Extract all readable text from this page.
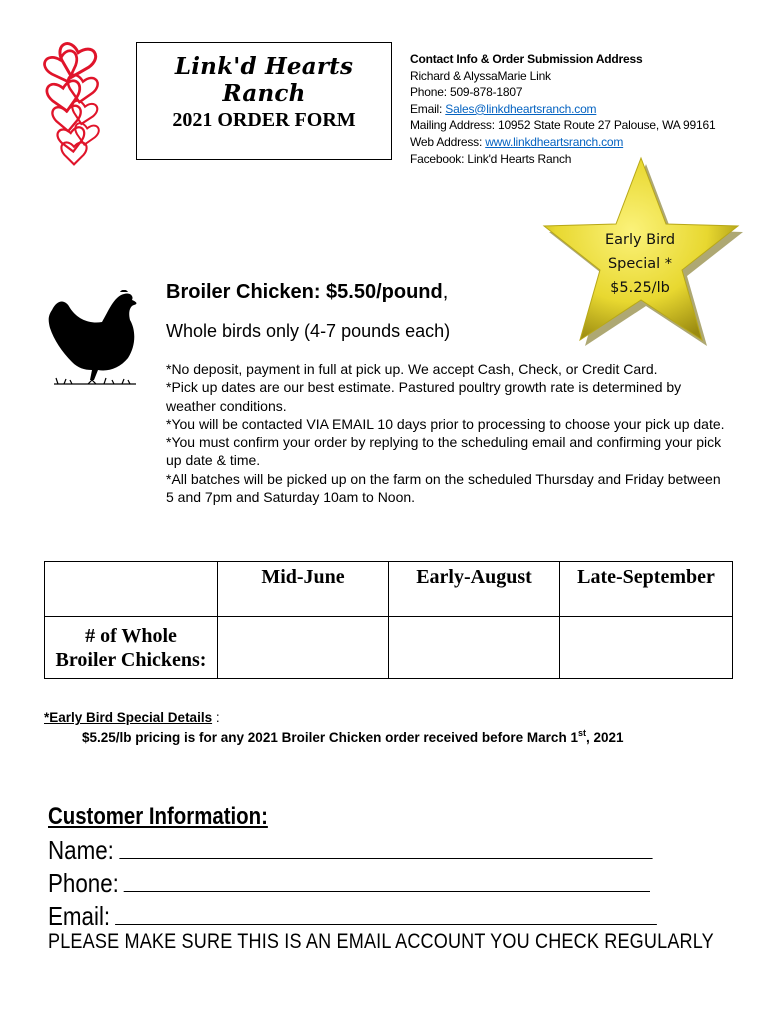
Link'd Hearts Ranch
2021 ORDER FORM
Contact Info & Order Submission Address
Richard & AlyssaMarie Link
Phone: 509-878-1807
Email: Sales@linkdheartsranch.com
Mailing Address: 10952 State Route 27 Palouse, WA 99161
Web Address: www.linkdheartsranch.com
Facebook: Link'd Hearts Ranch
Early Bird
Special *
$5.25/lb
Broiler Chicken: $5.50/pound,
Whole birds only (4-7 pounds each)

*No deposit, payment in full at pick up. We accept Cash, Check, or Credit Card.

*Pick up dates are our best estimate. Pastured poultry growth rate is determined by weather conditions.

*You will be contacted VIA EMAIL 10 days prior to processing to choose your pick up date.

*You must confirm your order by replying to the scheduling email and confirming your pick up date & time.

*All batches will be picked up on the farm on the scheduled Thursday and Friday between 5 and 7pm and Saturday 10am to Noon.

	Mid-June	Early-August	Late-September

# of Whole
Broiler Chickens:			

*Early Bird Special Details :
$5.25/lb pricing is for any 2021 Broiler Chicken order received before March 1st, 2021
Customer Information:
Name:
Phone:
Email:
PLEASE MAKE SURE THIS IS AN EMAIL ACCOUNT YOU CHECK REGULARLY
